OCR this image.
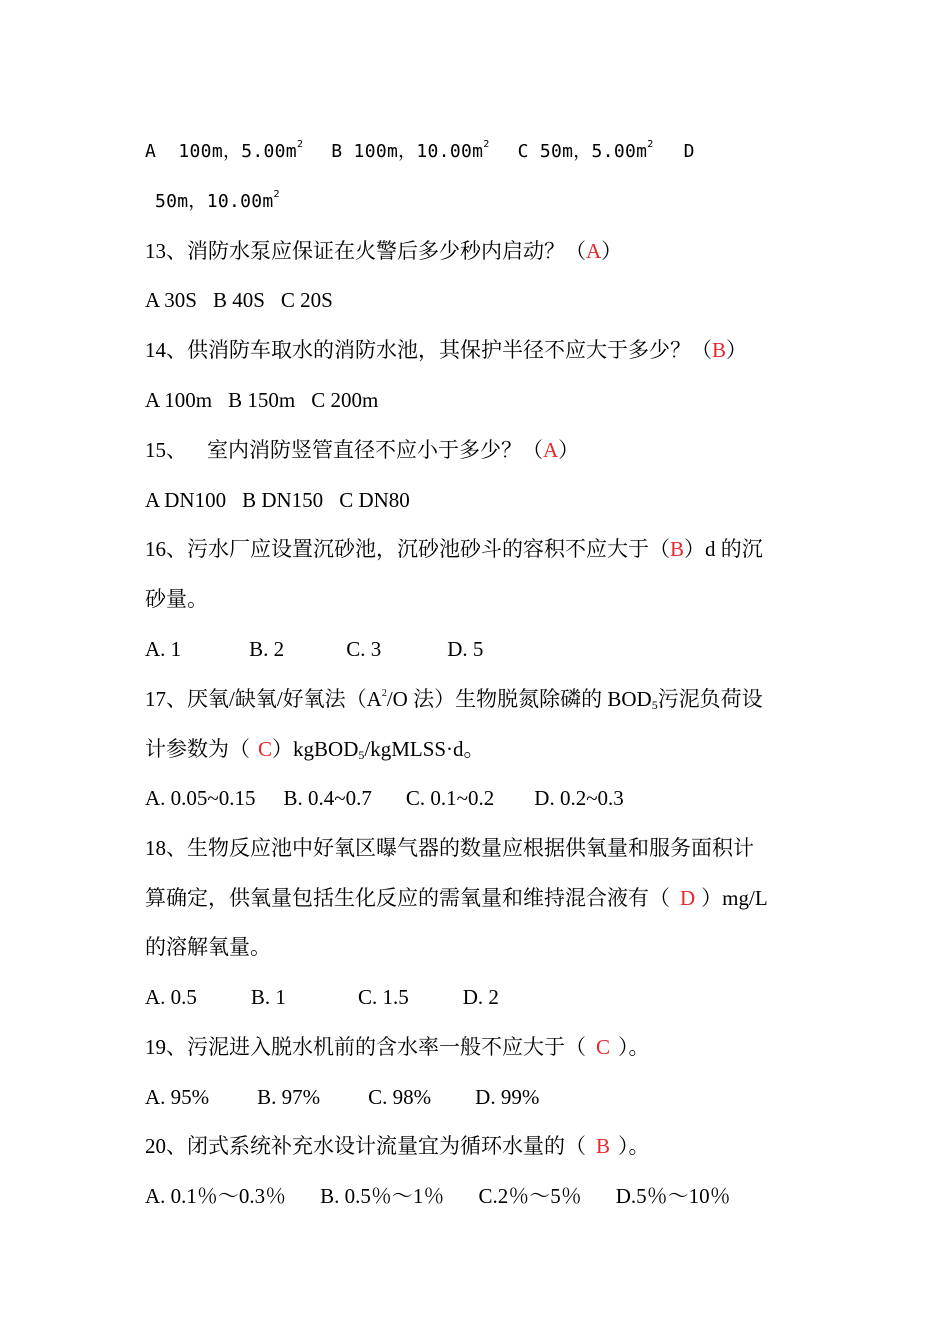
A  100m，$5.00m^2$ B 100m，$10.00m^2$ C 50m，$5.00m^2$ D
50m，$10.00m^2$
13、消防水泵应保证在火警后多少秒内启动？（A）
A 30S B 40S C 20S
14、供消防车取水的消防水池，其保护半径不应大于多少？（B）
A 100m B 150m C 200m
15、 室内消防竖管直径不应小于多少？（A）
A DN100 B DN150 C DN80
16、污水厂应设置沉砂池，沉砂池砂斗的容积不应大于（B）d 的沉
砂量。
A. 1	B. 2	C. 3	D. 5
17、厌氧/缺氧/好氧法（$A^2/O$ 法）生物脱氮除磷的 $BOD_5$污泥负荷设
计参数为（ C）kgBOD$_5$/kgMLSS·d。
A. 0.05~0.15 B. 0.4~0.7 C. 0.1~0.2 D. 0.2~0.3
18、生物反应池中好氧区曝气器的数量应根据供氧量和服务面积计
算确定，供氧量包括生化反应的需氧量和维持混合液有（ D ）mg/L
的溶解氧量。
A. 0.5	B. 1	C. 1.5	D. 2
19、污泥进入脱水机前的含水率一般不应大于（ C ）。
A. 95% B. 97% C. 98% D. 99%
20、闭式系统补充水设计流量宜为循环水量的（ B ）。
A. 0.1％～0.3％ B. 0.5％～1％ C.2％～5％ D.5％～10％
